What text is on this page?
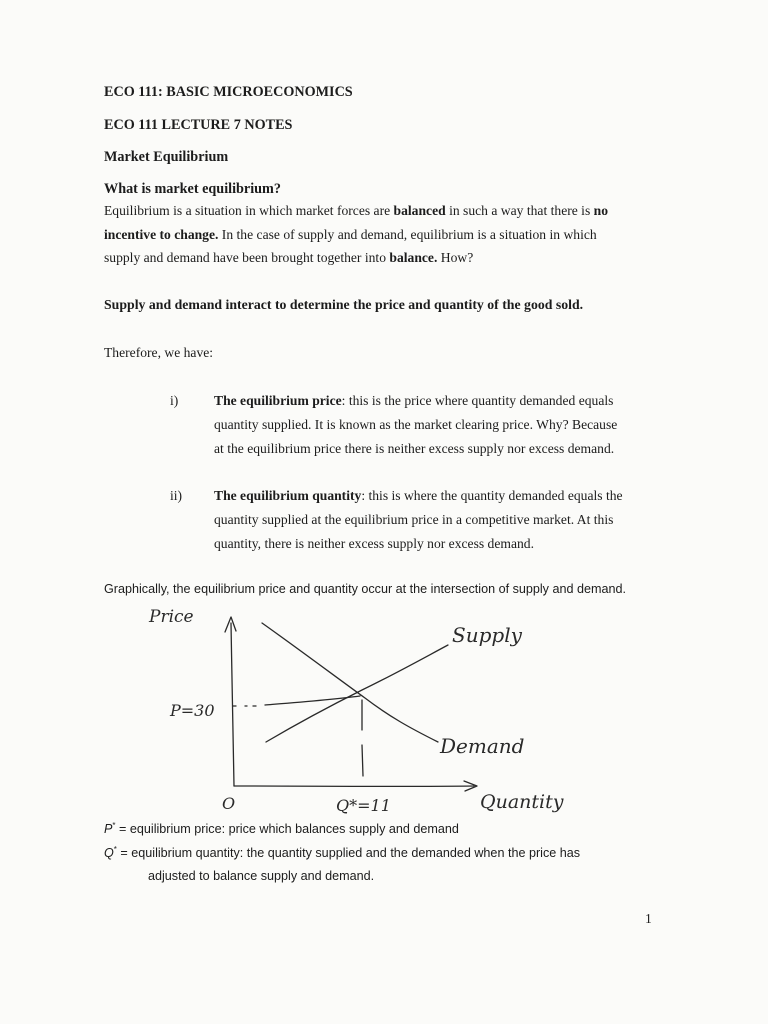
ECO 111: BASIC MICROECONOMICS
ECO 111 LECTURE 7 NOTES
Market Equilibrium
What is market equilibrium?
Equilibrium is a situation in which market forces are balanced in such a way that there is no
incentive to change. In the case of supply and demand, equilibrium is a situation in which
supply and demand have been brought together into balance. How?
Supply and demand interact to determine the price and quantity of the good sold.
Therefore, we have:
i)	The equilibrium price: this is the price where quantity demanded equals
quantity supplied. It is known as the market clearing price. Why? Because
at the equilibrium price there is neither excess supply nor excess demand.
ii) The equilibrium quantity: this is where the quantity demanded equals the
quantity supplied at the equilibrium price in a competitive market. At this
quantity, there is neither excess supply nor excess demand.
Graphically, the equilibrium price and quantity occur at the intersection of supply and demand.
Price
P=30
O	Q*=11	Quantity
Supply
Demand
P* = equilibrium price: price which balances supply and demand
Q* = equilibrium quantity: the quantity supplied and the demanded when the price has
adjusted to balance supply and demand.
1
